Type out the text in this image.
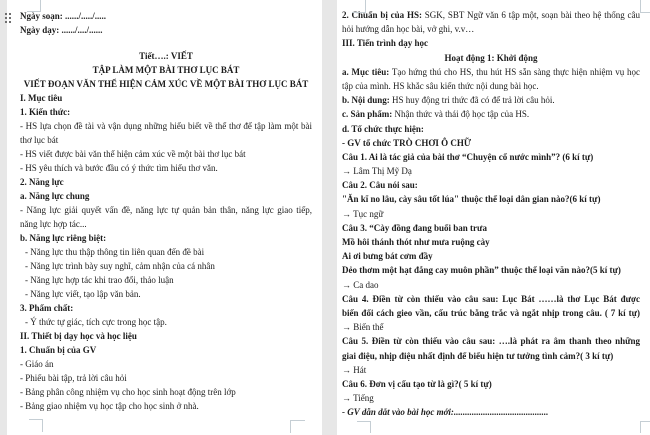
Ngày soạn: ....../...../.....
Ngày dạy: ....../..../......
Tiết….: VIẾT
TẬP LÀM MỘT BÀI THƠ LỤC BÁT
VIẾT ĐOẠN VĂN THỂ HIỆN CẢM XÚC VỀ MỘT BÀI THƠ LỤC BÁT
I. Mục tiêu
1. Kiến thức:
- HS lựa chọn đề tài và vận dụng những hiểu biết về thể thơ để tập làm một bài
thơ lục bát
- HS viết được bài văn thể hiện cảm xúc về một bài thơ lục bát
- HS yêu thích và bước đầu có ý thức tìm hiểu thơ văn.
2. Năng lực
a. Năng lực chung
- Năng lực giải quyết vấn đề, năng lực tự quản bản thân, năng lực giao tiếp,
năng lực hợp tác...
b. Năng lực riêng biệt:
- Năng lực thu thập thông tin liên quan đến đề bài
- Năng lực trình bày suy nghĩ, cảm nhận của cá nhân
- Năng lực hợp tác khi trao đổi, thảo luận
- Năng lực viết, tạo lập văn bản.
3. Phẩm chất:
- Ý thức tự giác, tích cực trong học tập.
II. Thiết bị dạy học và học liệu
1. Chuẩn bị của GV
- Giáo án
- Phiếu bài tập, trả lời câu hỏi
- Bảng phân công nhiệm vụ cho học sinh hoạt động trên lớp
- Bảng giao nhiệm vụ học tập cho học sinh ở nhà.
2. Chuẩn bị của HS: SGK, SBT Ngữ văn 6 tập một, soạn bài theo hệ thống câu
hỏi hướng dẫn học bài, vở ghi, v.v…
III. Tiến trình dạy học
Hoạt động 1: Khởi động
a. Mục tiêu: Tạo hứng thú cho HS, thu hút HS sẵn sàng thực hiện nhiệm vụ học
tập của mình. HS khắc sâu kiến thức nội dung bài học.
b. Nội dung: HS huy động tri thức đã có để trả lời câu hỏi.
c. Sản phẩm: Nhận thức và thái độ học tập của HS.
d. Tổ chức thực hiện:
- GV tổ chức TRÒ CHƠI Ô CHỮ
Câu 1. Ai là tác giả của bài thơ “Chuyện cổ nước mình”? (6 kí tự)
→ Lâm Thị Mỹ Dạ
Câu 2. Câu nói sau:
"Ăn kĩ no lâu, cày sâu tốt lúa" thuộc thể loại dân gian nào?(6 kí tự)
→ Tục ngữ
Câu 3. “Cày đồng đang buổi ban trưa
Mồ hôi thánh thót như mưa ruộng cày
Ai ơi bưng bát cơm đầy
Dẻo thơm một hạt đắng cay muôn phần” thuộc thể loại văn nào?(5 kí tự)
→ Ca dao
Câu 4. Điền từ còn thiếu vào câu sau: Lục Bát ……là thơ Lục Bát được
biến đổi cách gieo vần, cấu trúc bằng trắc và ngắt nhịp trong câu. ( 7 kí tự)
→ Biến thể
Câu 5. Điền từ còn thiếu vào câu sau: ….là phát ra âm thanh theo những
giai điệu, nhịp điệu nhất định để biểu hiện tư tưởng tình cảm?( 3 kí tự)
→ Hát
Câu 6. Đơn vị cấu tạo từ là gì?( 5 kí tự)
→ Tiếng
- GV dẫn dắt vào bài học mới:..........................................
